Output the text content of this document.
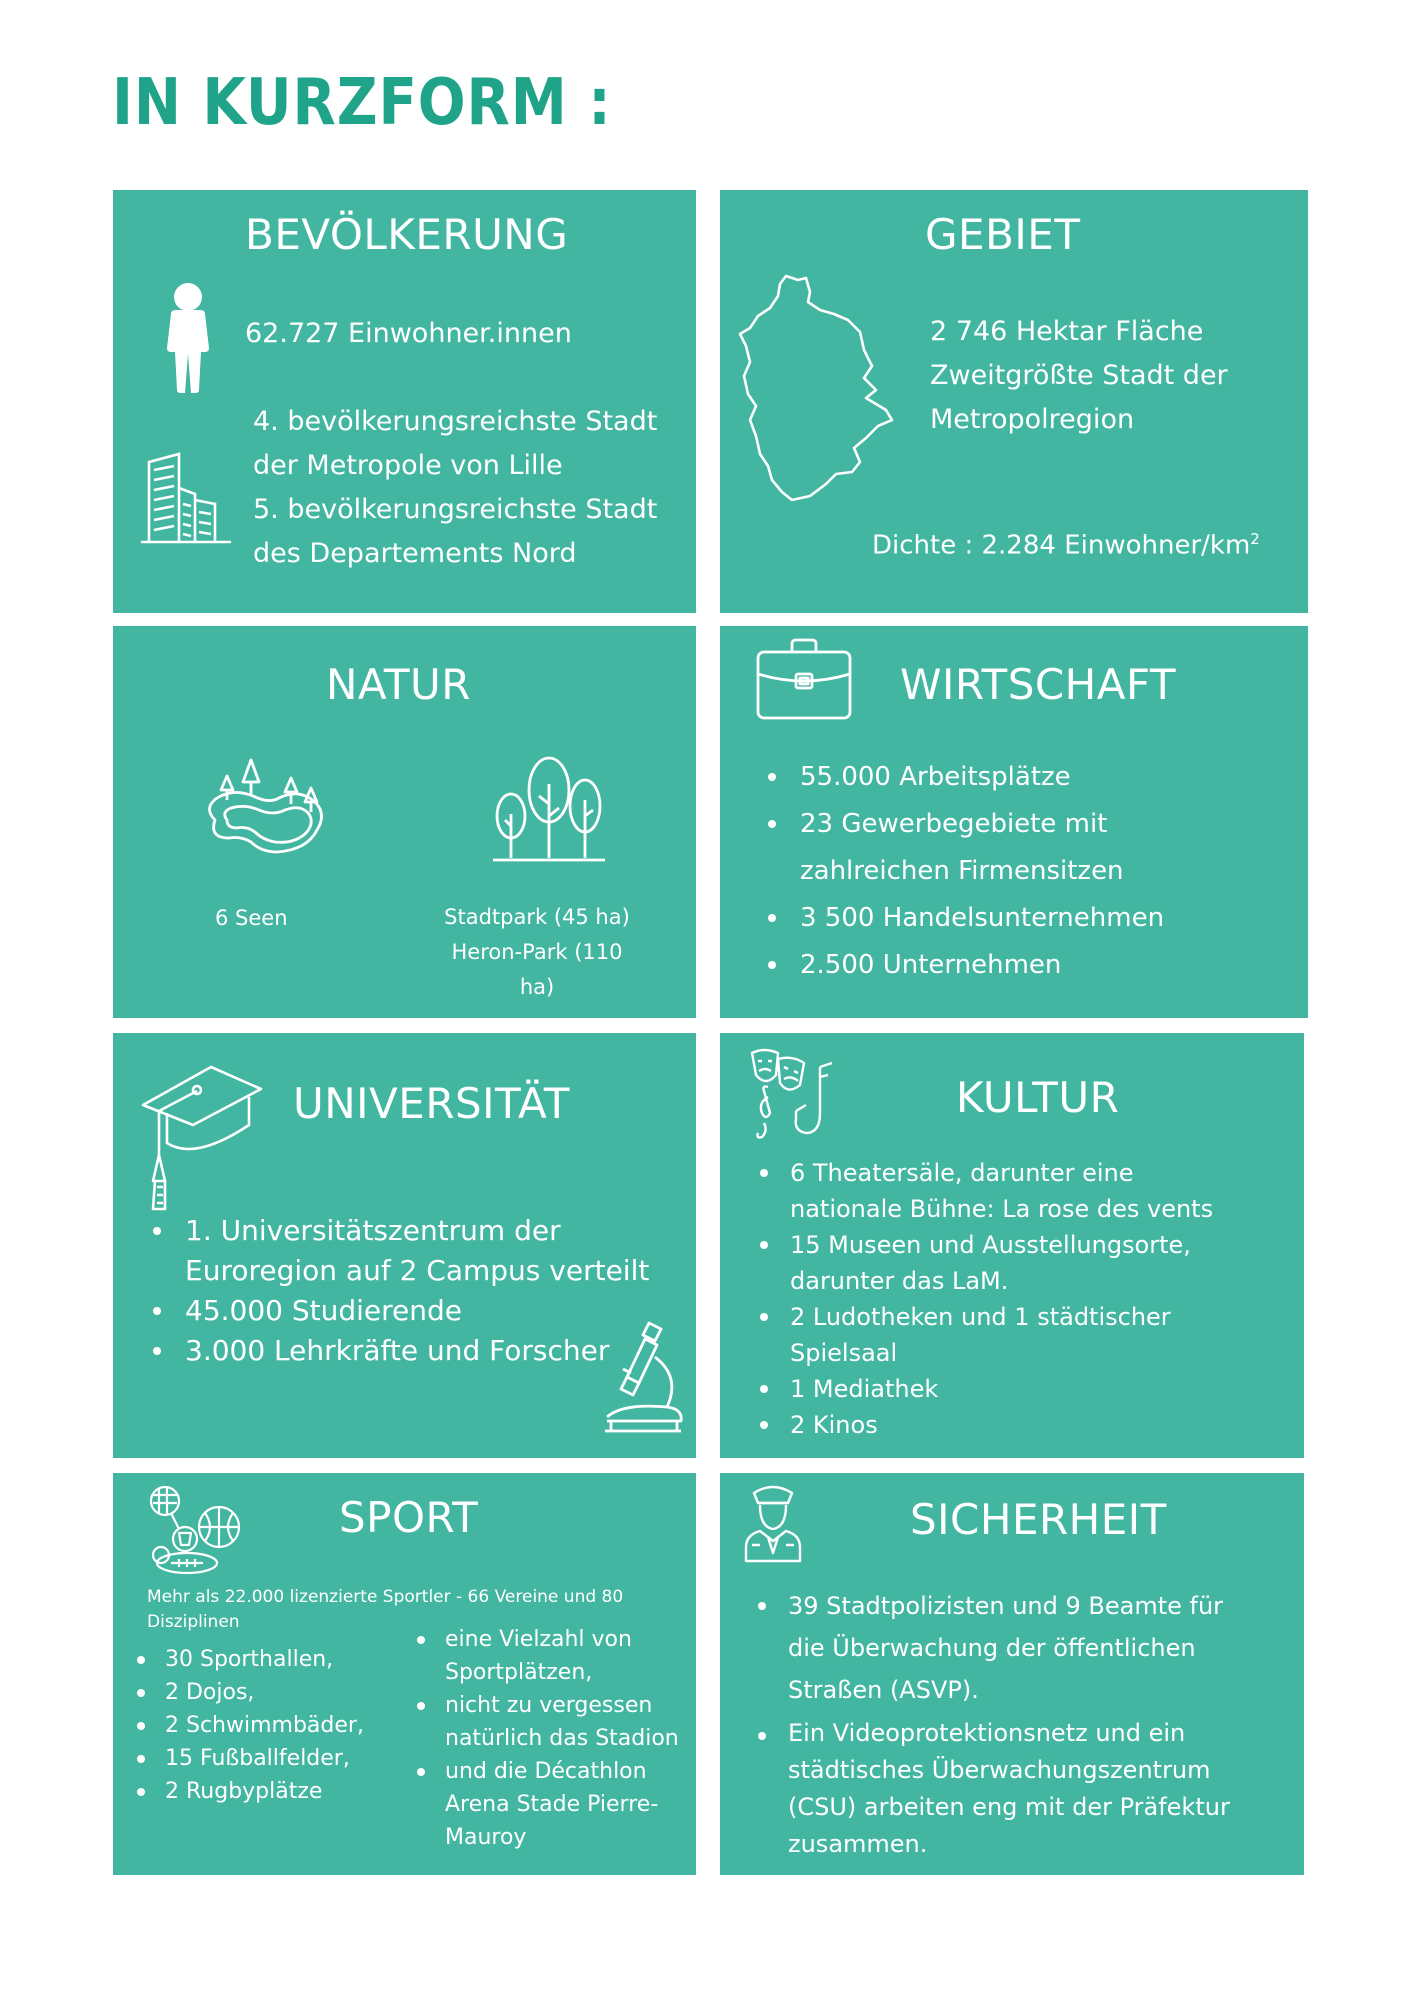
IN KURZFORM :
BEVÖLKERUNG
62.727 Einwohner.innen
4. bevölkerungsreichste Stadt
der Metropole von Lille
5. bevölkerungsreichste Stadt
des Departements Nord
GEBIET
2 746 Hektar Fläche
Zweitgrößte Stadt der
Metropolregion
Dichte : 2.284 Einwohner/$km^2$
NATUR
6 Seen	Stadtpark (45 ha)
Heron-Park (110 ha)
WIRTSCHAFT
55.000 Arbeitsplätze
23 Gewerbegebiete mit zahlreichen Firmensitzen
3 500 Handelsunternehmen
2.500 Unternehmen
UNIVERSITÄT
1. Universitätszentrum der Euroregion auf 2 Campus verteilt
45.000 Studierende
3.000 Lehrkräfte und Forscher
KULTUR
6 Theatersäle, darunter eine nationale Bühne: La rose des vents
15 Museen und Ausstellungsorte, darunter das LaM.
2 Ludotheken und 1 städtischer Spielsaal
1 Mediathek
2 Kinos
SPORT
Mehr als 22.000 lizenzierte Sportler - 66 Vereine und 80 Disziplinen
30 Sporthallen,
2 Dojos,
2 Schwimmbäder,
15 Fußballfelder,
2 Rugbyplätze
eine Vielzahl von Sportplätzen,
nicht zu vergessen natürlich das Stadion
und die Décathlon Arena Stade Pierre-Mauroy
SICHERHEIT
39 Stadtpolizisten und 9 Beamte für die Überwachung der öffentlichen Straßen (ASVP).
Ein Videoprotektionsnetz und ein städtisches Überwachungszentrum (CSU) arbeiten eng mit der Präfektur zusammen.
